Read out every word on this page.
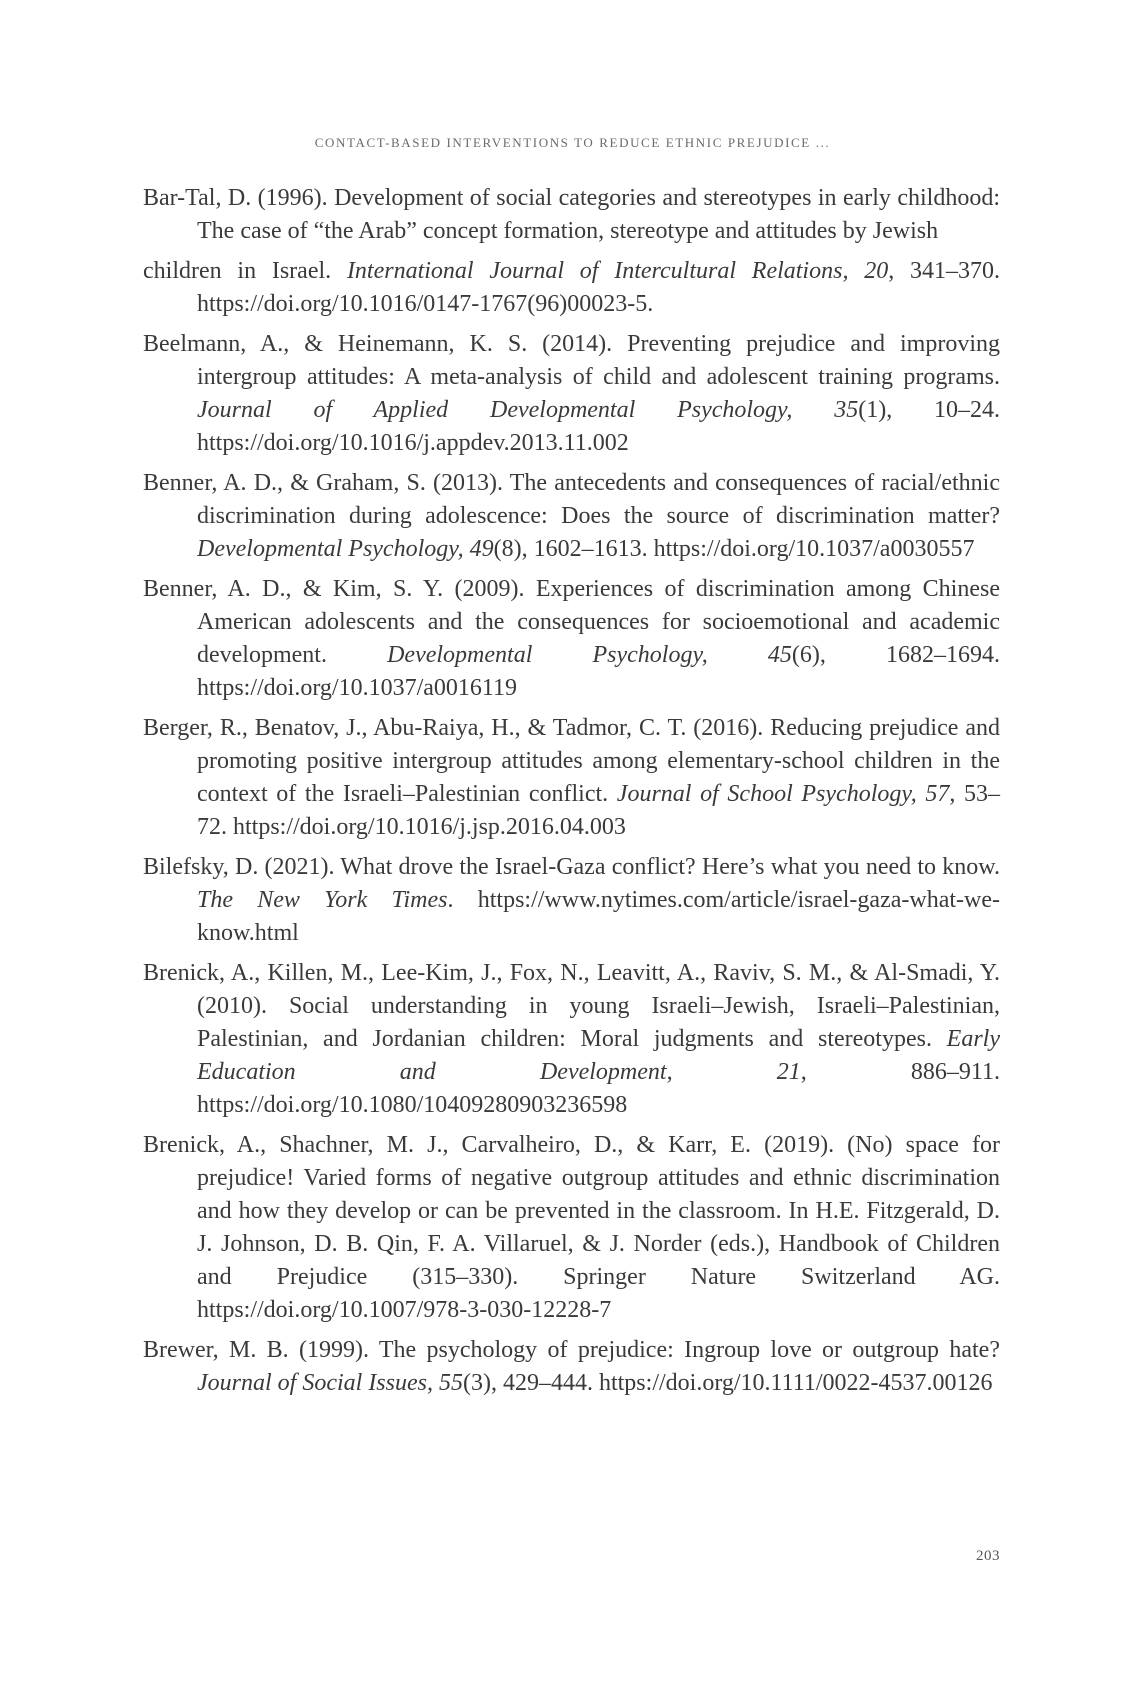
CONTACT-BASED INTERVENTIONS TO REDUCE ETHNIC PREJUDICE ...

Bar-Tal, D. (1996). Development of social categories and stereotypes in early childhood: The case of “the Arab” concept formation, stereotype and attitudes by Jewish

children in Israel. International Journal of Intercultural Relations, 20, 341–370. https://doi.org/10.1016/0147-1767(96)00023-5.

Beelmann, A., & Heinemann, K. S. (2014). Preventing prejudice and improving intergroup attitudes: A meta-analysis of child and adolescent training programs. Journal of Applied Developmental Psychology, 35(1), 10–24. https://doi.org/10.1016/j.appdev.2013.11.002

Benner, A. D., & Graham, S. (2013). The antecedents and consequences of racial/ethnic discrimination during adolescence: Does the source of discrimination matter? Developmental Psychology, 49(8), 1602–1613. https://doi.org/10.1037/a0030557

Benner, A. D., & Kim, S. Y. (2009). Experiences of discrimination among Chinese American adolescents and the consequences for socioemotional and academic development. Developmental Psychology, 45(6), 1682–1694. https://doi.org/10.1037/a0016119

Berger, R., Benatov, J., Abu-Raiya, H., & Tadmor, C. T. (2016). Reducing prejudice and promoting positive intergroup attitudes among elementary-school children in the context of the Israeli–Palestinian conflict. Journal of School Psychology, 57, 53–72. https://doi.org/10.1016/j.jsp.2016.04.003

Bilefsky, D. (2021). What drove the Israel-Gaza conflict? Here’s what you need to know. The New York Times. https://www.nytimes.com/article/israel-gaza-what-we-know.html

Brenick, A., Killen, M., Lee-Kim, J., Fox, N., Leavitt, A., Raviv, S. M., & Al-Smadi, Y. (2010). Social understanding in young Israeli–Jewish, Israeli–Palestinian, Palestinian, and Jordanian children: Moral judgments and stereotypes. Early Education and Development, 21, 886–911. https://doi.org/10.1080/10409280903236598

Brenick, A., Shachner, M. J., Carvalheiro, D., & Karr, E. (2019). (No) space for prejudice! Varied forms of negative outgroup attitudes and ethnic discrimination and how they develop or can be prevented in the classroom. In H.E. Fitzgerald, D. J. Johnson, D. B. Qin, F. A. Villaruel, & J. Norder (eds.), Handbook of Children and Prejudice (315–330). Springer Nature Switzerland AG. https://doi.org/10.1007/978-3-030-12228-7

Brewer, M. B. (1999). The psychology of prejudice: Ingroup love or outgroup hate? Journal of Social Issues, 55(3), 429–444. https://doi.org/10.1111/0022-4537.00126

203
